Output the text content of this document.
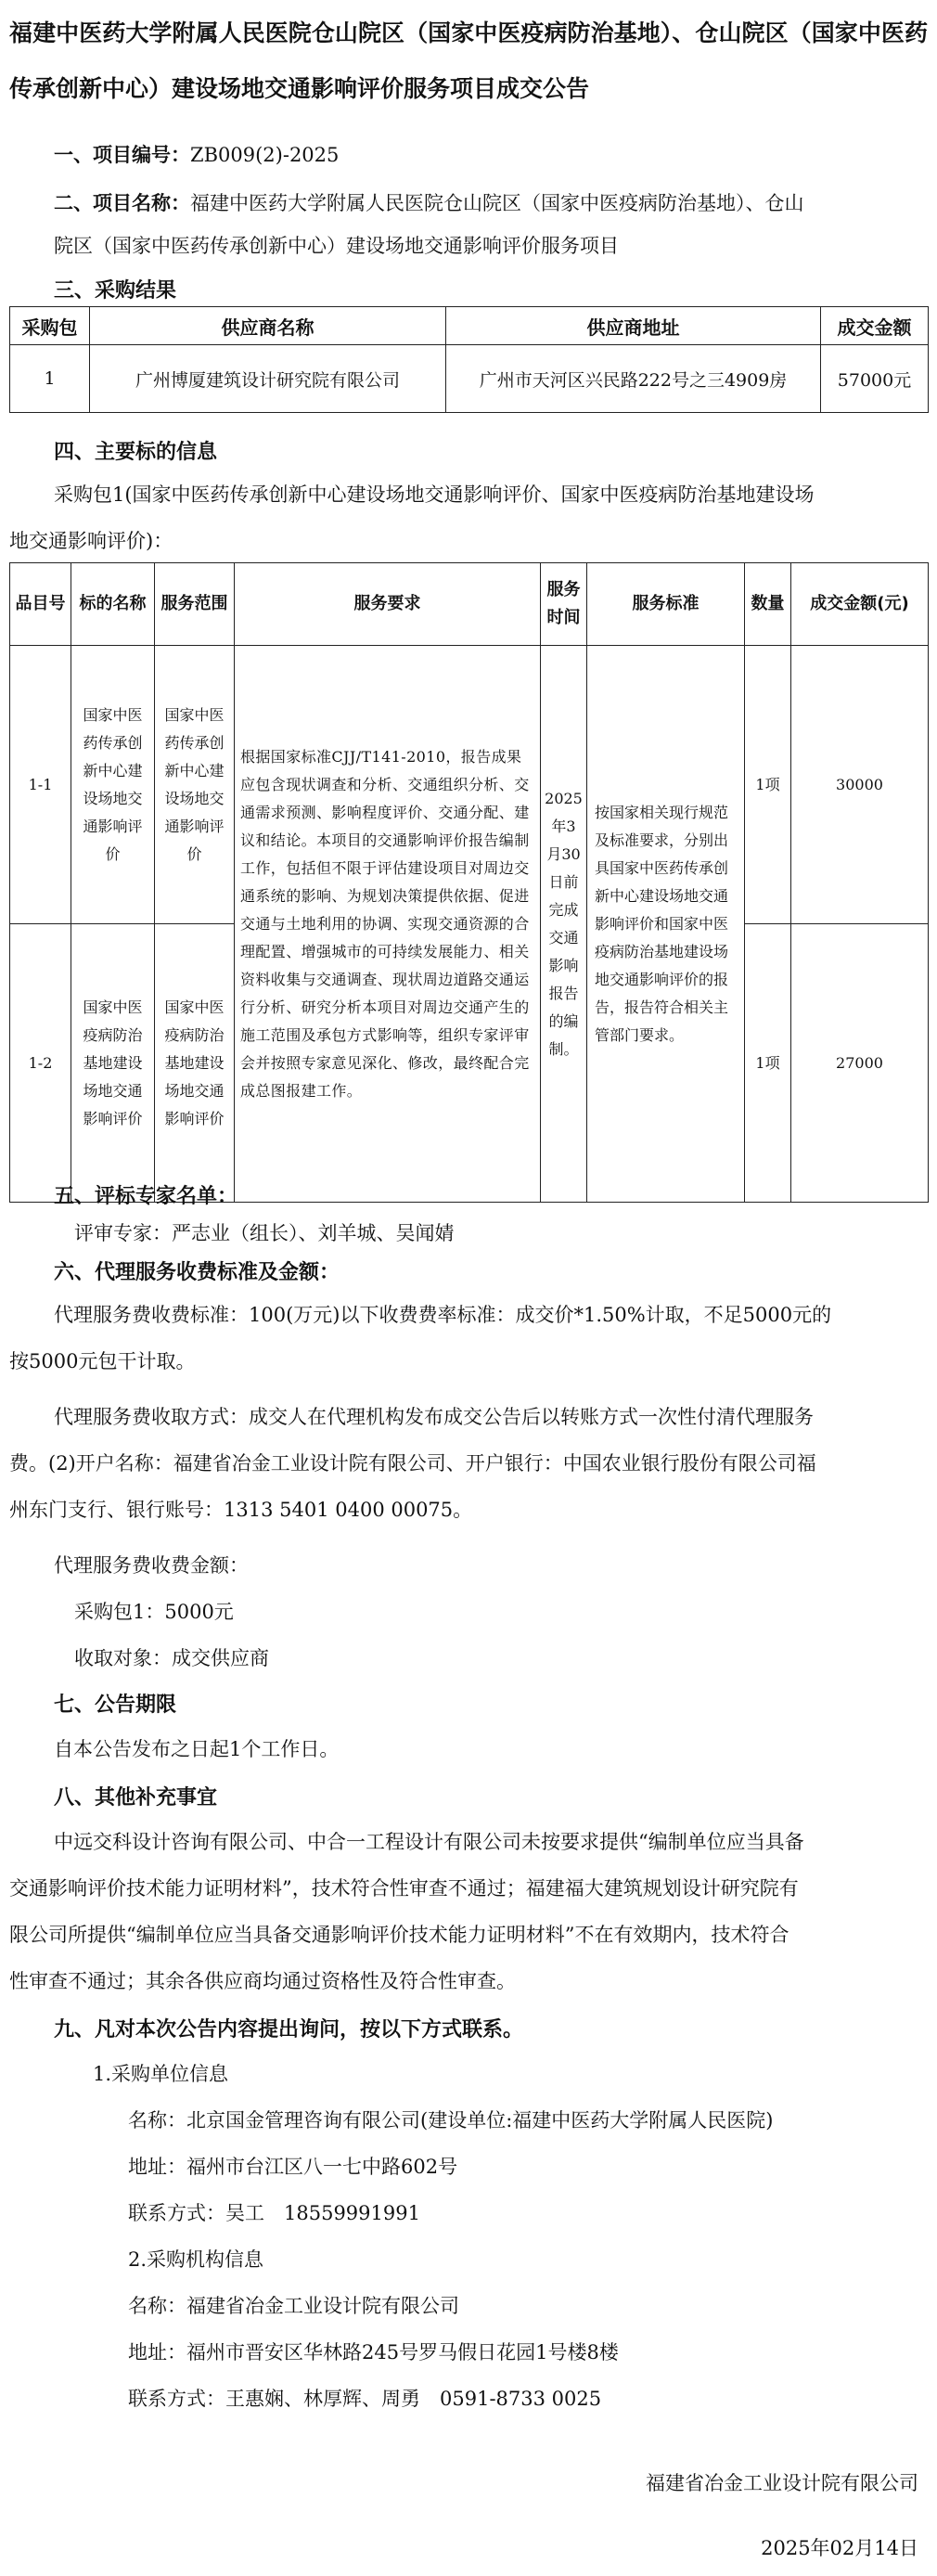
福建中医药大学附属人民医院仓山院区（国家中医疫病防治基地）、仓山院区（国家中医药传承创新中心）建设场地交通影响评价服务项目成交公告
一、项目编号：ZB009(2)-2025
二、项目名称：福建中医药大学附属人民医院仓山院区（国家中医疫病防治基地）、仓山
院区（国家中医药传承创新中心）建设场地交通影响评价服务项目
三、采购结果
采购包	供应商名称	供应商地址	成交金额
1	广州博厦建筑设计研究院有限公司	广州市天河区兴民路222号之三4909房	57000元
四、主要标的信息
采购包1(国家中医药传承创新中心建设场地交通影响评价、国家中医疫病防治基地建设场
地交通影响评价)：
品目号	标的名称	服务范围	服务要求	服务时间	服务标准	数量	成交金额(元)
1-1	国家中医药传承创新中心建设场地交通影响评价	国家中医药传承创新中心建设场地交通影响评价	根据国家标准CJJ/T141-2010，报告成果应包含现状调查和分析、交通组织分析、交通需求预测、影响程度评价、交通分配、建议和结论。本项目的交通影响评价报告编制工作，包括但不限于评估建设项目对周边交通系统的影响、为规划决策提供依据、促进交通与土地利用的协调、实现交通资源的合理配置、增强城市的可持续发展能力、相关资料收集与交通调查、现状周边道路交通运行分析、研究分析本项目对周边交通产生的施工范围及承包方式影响等，组织专家评审会并按照专家意见深化、修改，最终配合完成总图报建工作。	2025年3月30日前完成交通影响报告的编制。	按国家相关现行规范及标准要求，分别出具国家中医药传承创新中心建设场地交通影响评价和国家中医疫病防治基地建设场地交通影响评价的报告，报告符合相关主管部门要求。	1项	30000
1-2	国家中医疫病防治基地建设场地交通影响评价	国家中医疫病防治基地建设场地交通影响评价				1项	27000
五、评标专家名单：
评审专家：严志业（组长）、刘羊城、吴闻婧
六、代理服务收费标准及金额：
代理服务费收费标准：100(万元)以下收费费率标准：成交价*1.50%计取，不足5000元的
按5000元包干计取。
代理服务费收取方式：成交人在代理机构发布成交公告后以转账方式一次性付清代理服务
费。(2)开户名称：福建省冶金工业设计院有限公司、开户银行：中国农业银行股份有限公司福
州东门支行、银行账号：1313 5401 0400 00075。
代理服务费收费金额：
采购包1：5000元
收取对象：成交供应商
七、公告期限
自本公告发布之日起1个工作日。
八、其他补充事宜
中远交科设计咨询有限公司、中合一工程设计有限公司未按要求提供“编制单位应当具备
交通影响评价技术能力证明材料”，技术符合性审查不通过；福建福大建筑规划设计研究院有
限公司所提供“编制单位应当具备交通影响评价技术能力证明材料”不在有效期内，技术符合
性审查不通过；其余各供应商均通过资格性及符合性审查。
九、凡对本次公告内容提出询问，按以下方式联系。
1.采购单位信息
名称：北京国金管理咨询有限公司(建设单位:福建中医药大学附属人民医院)
地址：福州市台江区八一七中路602号
联系方式：吴工　18559991991
2.采购机构信息
名称：福建省冶金工业设计院有限公司
地址：福州市晋安区华林路245号罗马假日花园1号楼8楼
联系方式：王惠娴、林厚辉、周勇　0591-8733 0025
福建省冶金工业设计院有限公司
2025年02月14日
